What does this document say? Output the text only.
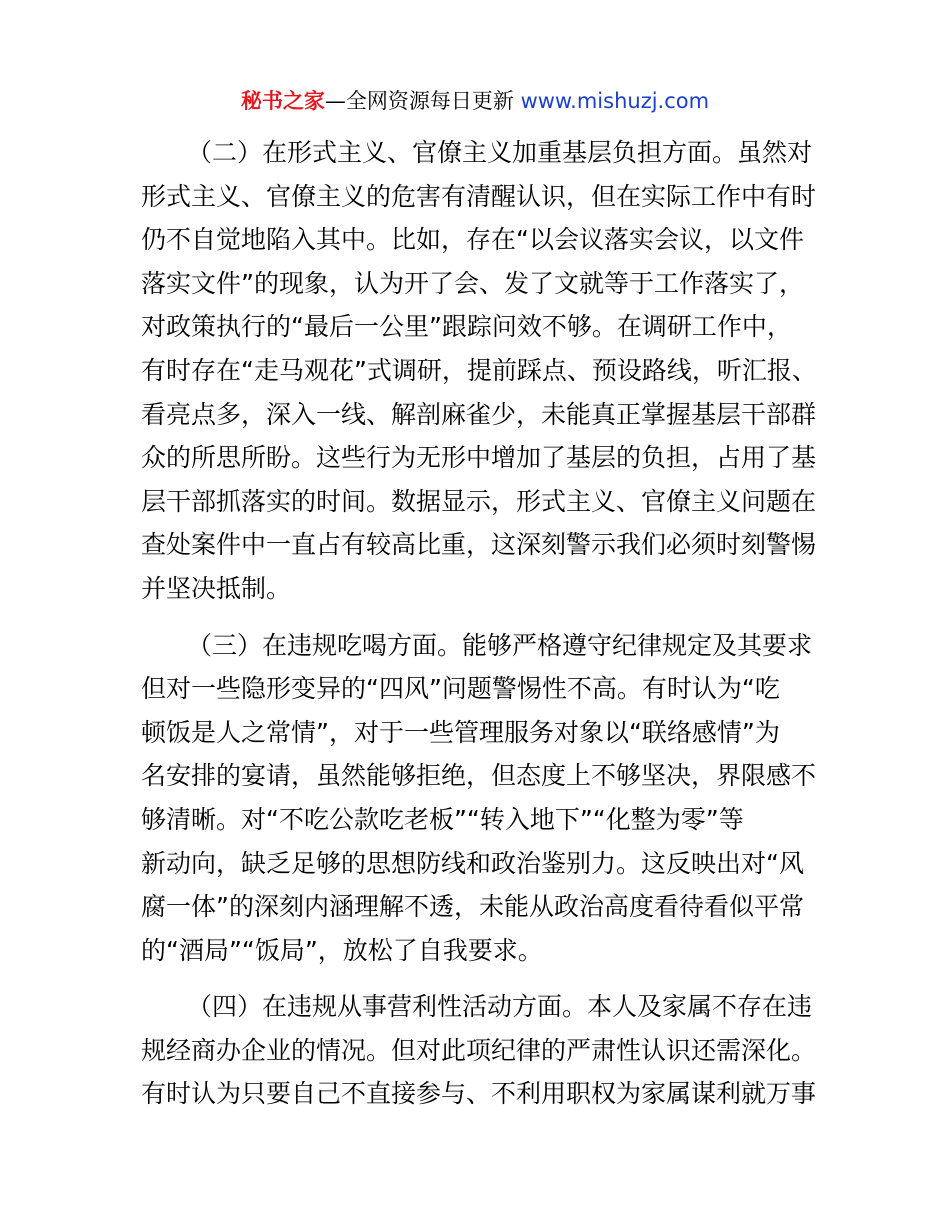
秘书之家—全网资源每日更新 www.mishuzj.com
（二）在形式主义、官僚主义加重基层负担方面。虽然对
形式主义、官僚主义的危害有清醒认识，但在实际工作中有时
仍不自觉地陷入其中。比如，存在“以会议落实会议，以文件
落实文件”的现象，认为开了会、发了文就等于工作落实了，
对政策执行的“最后一公里”跟踪问效不够。在调研工作中，
有时存在“走马观花”式调研，提前踩点、预设路线，听汇报、
看亮点多，深入一线、解剖麻雀少，未能真正掌握基层干部群
众的所思所盼。这些行为无形中增加了基层的负担，占用了基
层干部抓落实的时间。数据显示，形式主义、官僚主义问题在
查处案件中一直占有较高比重，这深刻警示我们必须时刻警惕
并坚决抵制。
（三）在违规吃喝方面。能够严格遵守纪律规定及其要求
但对一些隐形变异的“四风”问题警惕性不高。有时认为“吃
顿饭是人之常情”，对于一些管理服务对象以“联络感情”为
名安排的宴请，虽然能够拒绝，但态度上不够坚决，界限感不
够清晰。对“不吃公款吃老板”“转入地下”“化整为零”等
新动向，缺乏足够的思想防线和政治鉴别力。这反映出对“风
腐一体”的深刻内涵理解不透，未能从政治高度看待看似平常
的“酒局”“饭局”，放松了自我要求。
（四）在违规从事营利性活动方面。本人及家属不存在违
规经商办企业的情况。但对此项纪律的严肃性认识还需深化。
有时认为只要自己不直接参与、不利用职权为家属谋利就万事
